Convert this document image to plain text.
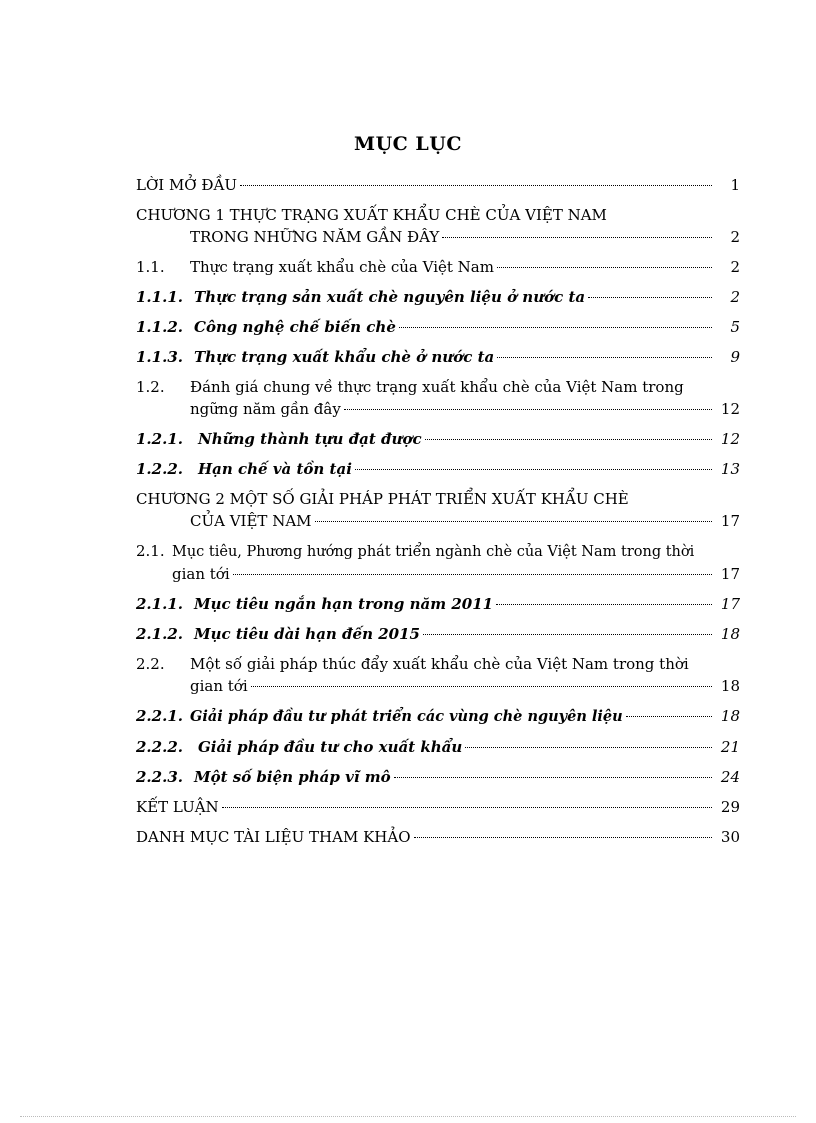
MỤC LỤC
LỜI MỞ ĐẦU	1
CHƯƠNG 1 THỰC TRẠNG XUẤT KHẨU CHÈ CỦA VIỆT NAM
TRONG NHỮNG NĂM GẦN ĐÂY	2
1.1.	Thực trạng xuất khẩu chè của Việt Nam	2
1.1.1. Thực trạng sản xuất chè nguyên liệu ở nước ta	2
1.1.2. Công nghệ chế biến chè	5
1.1.3. Thực trạng xuất khẩu chè ở nước ta	9
1.2.	Đánh giá chung về thực trạng xuất khẩu chè của Việt Nam trong
ngững năm gần đây	12
1.2.1.	Những thành tựu đạt được	12
1.2.2.	Hạn chế và tồn tại	13
CHƯƠNG 2 MỘT SỐ GIẢI PHÁP PHÁT TRIỂN XUẤT KHẨU CHÈ
CỦA VIỆT NAM	17
2.1. Mục tiêu, Phương hướng phát triển ngành chè của Việt Nam trong thời
gian tới	17
2.1.1. Mục tiêu ngắn hạn trong năm 2011	17
2.1.2. Mục tiêu dài hạn đến 2015	18
2.2.	Một số giải pháp thúc đẩy xuất khẩu chè của Việt Nam trong thời
gian tới	18
2.2.1. Giải pháp đầu tư phát triển các vùng chè nguyên liệu	18
2.2.2.	Giải pháp đầu tư cho xuất khẩu	21
2.2.3. Một số biện pháp vĩ mô	24
KẾT LUẬN	29
DANH MỤC TÀI LIỆU THAM KHẢO	30
